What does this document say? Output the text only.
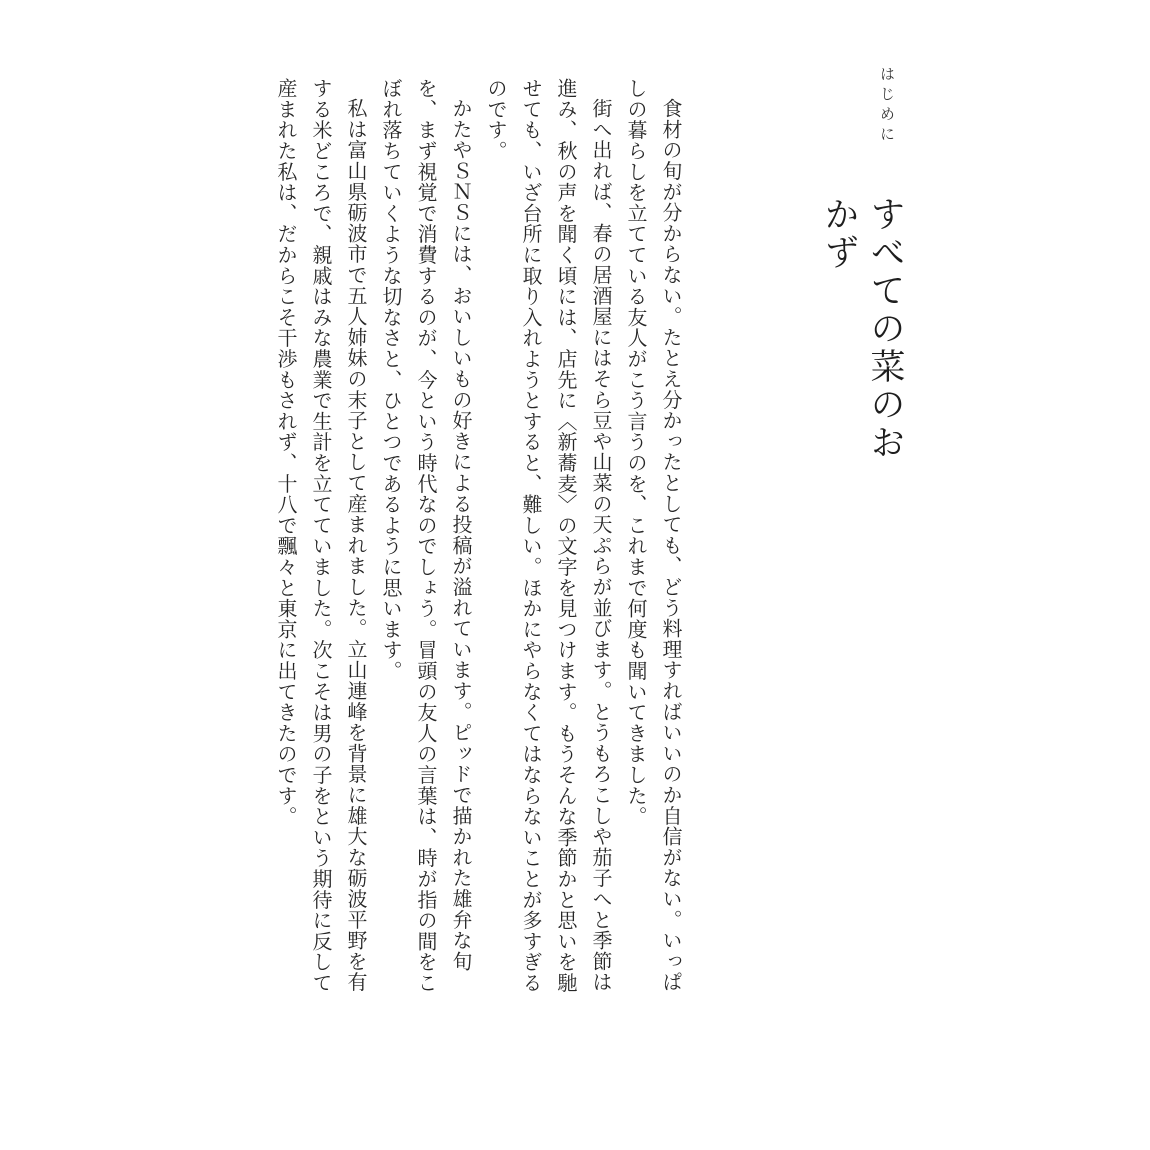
はじめに
すべての菜のおかず

食材の旬が分からない。たとえ分かったとしても、どう料理すればいいのか自信がない。いっぱしの暮らしを立てている友人がこう言うのを、これまで何度も聞いてきました。

街へ出れば、春の居酒屋にはそら豆や山菜の天ぷらが並びます。とうもろこしや茄子へと季節は進み、秋の声を聞く頃には、店先に〈新蕎麦〉の文字を見つけます。もうそんな季節かと思いを馳せても、いざ台所に取り入れようとすると、難しい。ほかにやらなくてはならないことが多すぎるのです。

かたやＳＮＳには、おいしいもの好きによる投稿が溢れています。ピッドで描かれた雄弁な旬を、まず視覚で消費するのが、今という時代なのでしょう。冒頭の友人の言葉は、時が指の間をこぼれ落ちていくような切なさと、ひとつであるように思います。

私は富山県砺波市で五人姉妹の末子として産まれました。立山連峰を背景に雄大な砺波平野を有する米どころで、親戚はみな農業で生計を立てていました。次こそは男の子をという期待に反して産まれた私は、だからこそ干渉もされず、十八で飄々と東京に出てきたのです。
